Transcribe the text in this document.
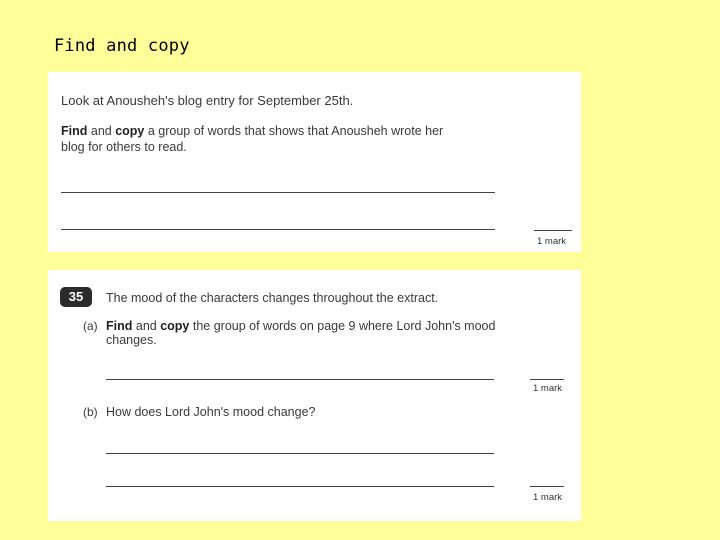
Find and copy
Look at Anousheh's blog entry for September 25th.
Find and copy a group of words that shows that Anousheh wrote her
blog for others to read.
1 mark
35	The mood of the characters changes throughout the extract.
(a) Find and copy the group of words on page 9 where Lord John's mood
changes.
1 mark
(b) How does Lord John's mood change?
1 mark
